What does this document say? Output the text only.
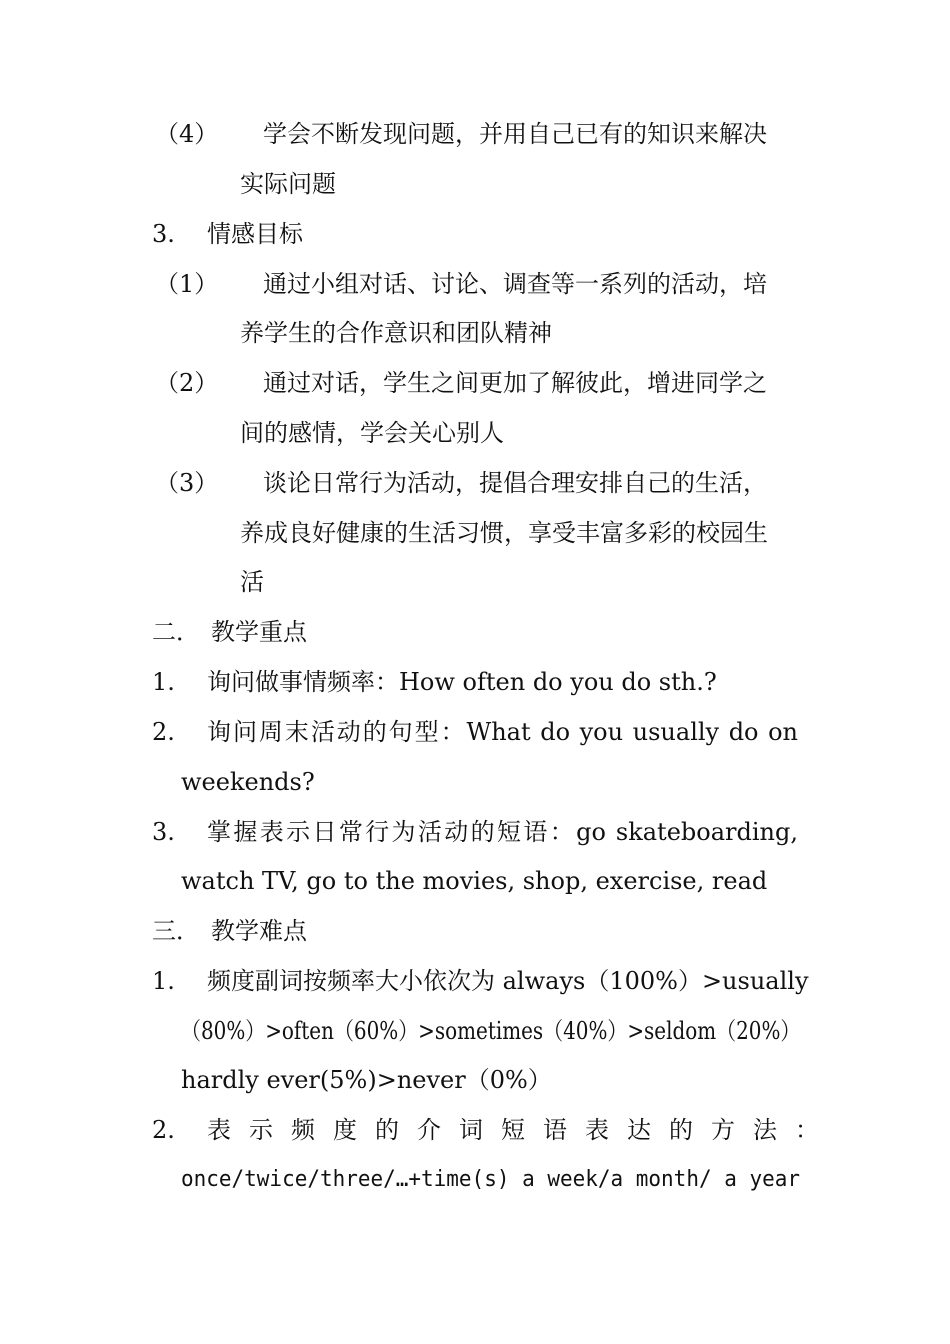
（4） 学会不断发现问题，并用自己已有的知识来解决
实际问题
3. 情感目标
（1） 通过小组对话、讨论、调查等一系列的活动，培
养学生的合作意识和团队精神
（2） 通过对话，学生之间更加了解彼此，增进同学之
间的感情，学会关心别人
（3） 谈论日常行为活动，提倡合理安排自己的生活，
养成良好健康的生活习惯，享受丰富多彩的校园生
活
二． 教学重点
1. 询问做事情频率：How often do you do sth.?
2. 询问周末活动的句型：What do you usually do on
weekends?
3. 掌握表示日常行为活动的短语：go skateboarding,
watch TV, go to the movies, shop, exercise, read
三． 教学难点
1. 频度副词按频率大小依次为 always（100%）>usually
（80%）>often（60%）>sometimes（40%）>seldom（20%）
hardly ever(5%)>never（0%）
2. 表示频度的介词短语表达的方法：
once/twice/three/…+time(s) a week/a month/ a year
